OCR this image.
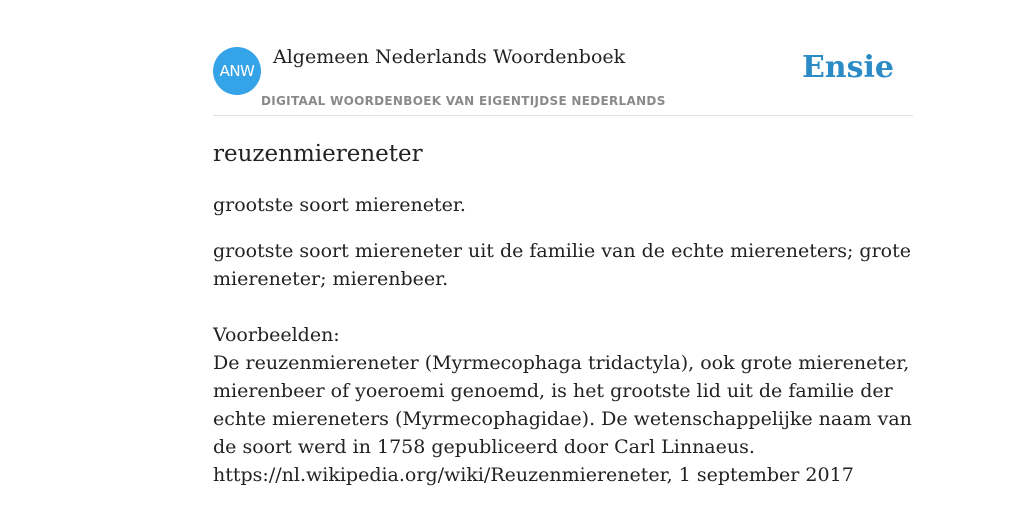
ANW
Algemeen Nederlands Woordenboek
DIGITAAL WOORDENBOEK VAN EIGENTIJDSE NEDERLANDS
Ensie
reuzenmiereneter

grootste soort miereneter.

grootste soort miereneter uit de familie van de echte miereneters; grote miereneter; mierenbeer.

Voorbeelden:

De reuzenmiereneter (Myrmecophaga tridactyla), ook grote miereneter, mierenbeer of yoeroemi genoemd, is het grootste lid uit de familie der echte miereneters (Myrmecophagidae). De wetenschappelijke naam van de soort werd in 1758 gepubliceerd door Carl Linnaeus.

https://nl.wikipedia.org/wiki/Reuzenmiereneter, 1 september 2017
